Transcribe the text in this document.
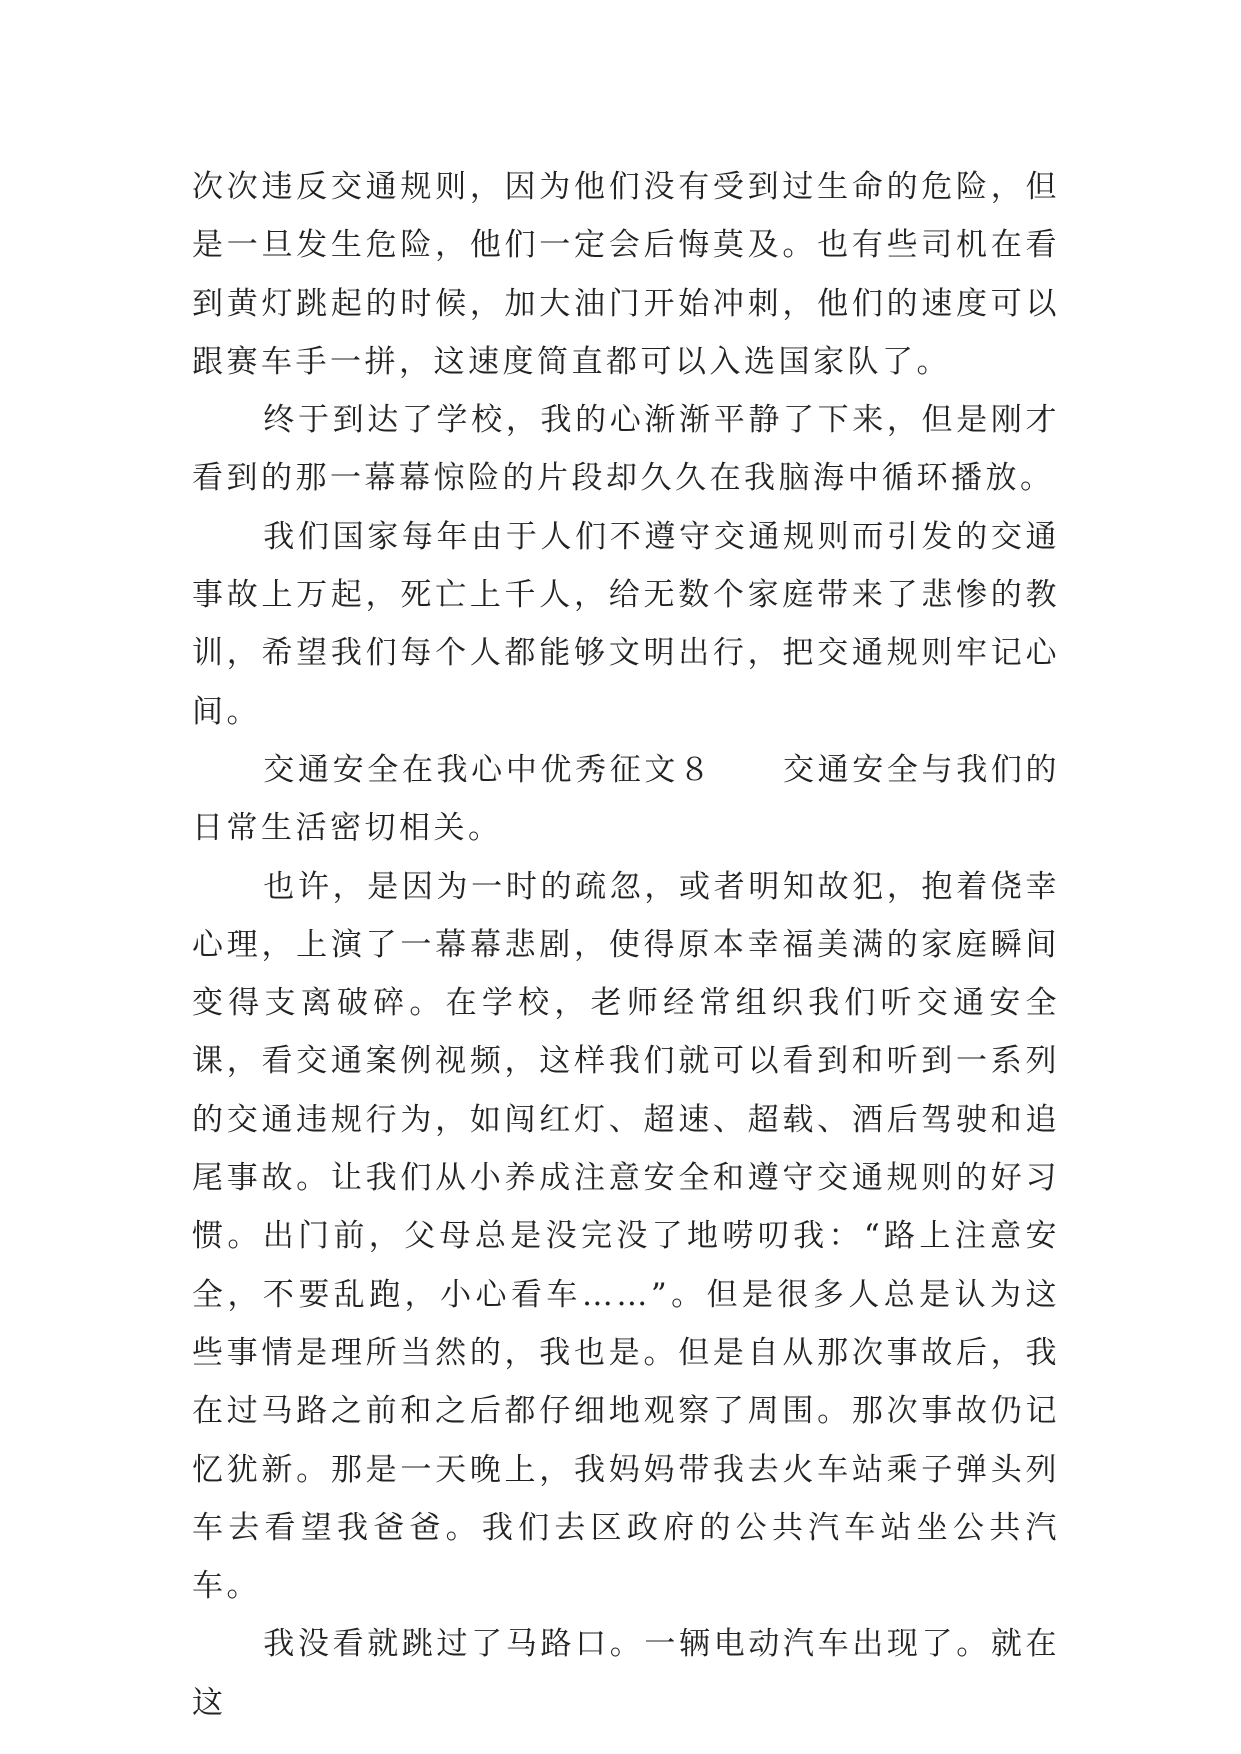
次次违反交通规则，因为他们没有受到过生命的危险，但是一旦发生危险，他们一定会后悔莫及。也有些司机在看到黄灯跳起的时候，加大油门开始冲刺，他们的速度可以跟赛车手一拼，这速度简直都可以入选国家队了。

终于到达了学校，我的心渐渐平静了下来，但是刚才看到的那一幕幕惊险的片段却久久在我脑海中循环播放。

我们国家每年由于人们不遵守交通规则而引发的交通事故上万起，死亡上千人，给无数个家庭带来了悲惨的教训，希望我们每个人都能够文明出行，把交通规则牢记心间。

交通安全在我心中优秀征文８　　交通安全与我们的日常生活密切相关。

也许，是因为一时的疏忽，或者明知故犯，抱着侥幸心理，上演了一幕幕悲剧，使得原本幸福美满的家庭瞬间变得支离破碎。在学校，老师经常组织我们听交通安全课，看交通案例视频，这样我们就可以看到和听到一系列的交通违规行为，如闯红灯、超速、超载、酒后驾驶和追尾事故。让我们从小养成注意安全和遵守交通规则的好习惯。出门前，父母总是没完没了地唠叨我：“路上注意安全，不要乱跑，小心看车……”。但是很多人总是认为这些事情是理所当然的，我也是。但是自从那次事故后，我在过马路之前和之后都仔细地观察了周围。那次事故仍记忆犹新。那是一天晚上，我妈妈带我去火车站乘子弹头列车去看望我爸爸。我们去区政府的公共汽车站坐公共汽车。

我没看就跳过了马路口。一辆电动汽车出现了。就在这
